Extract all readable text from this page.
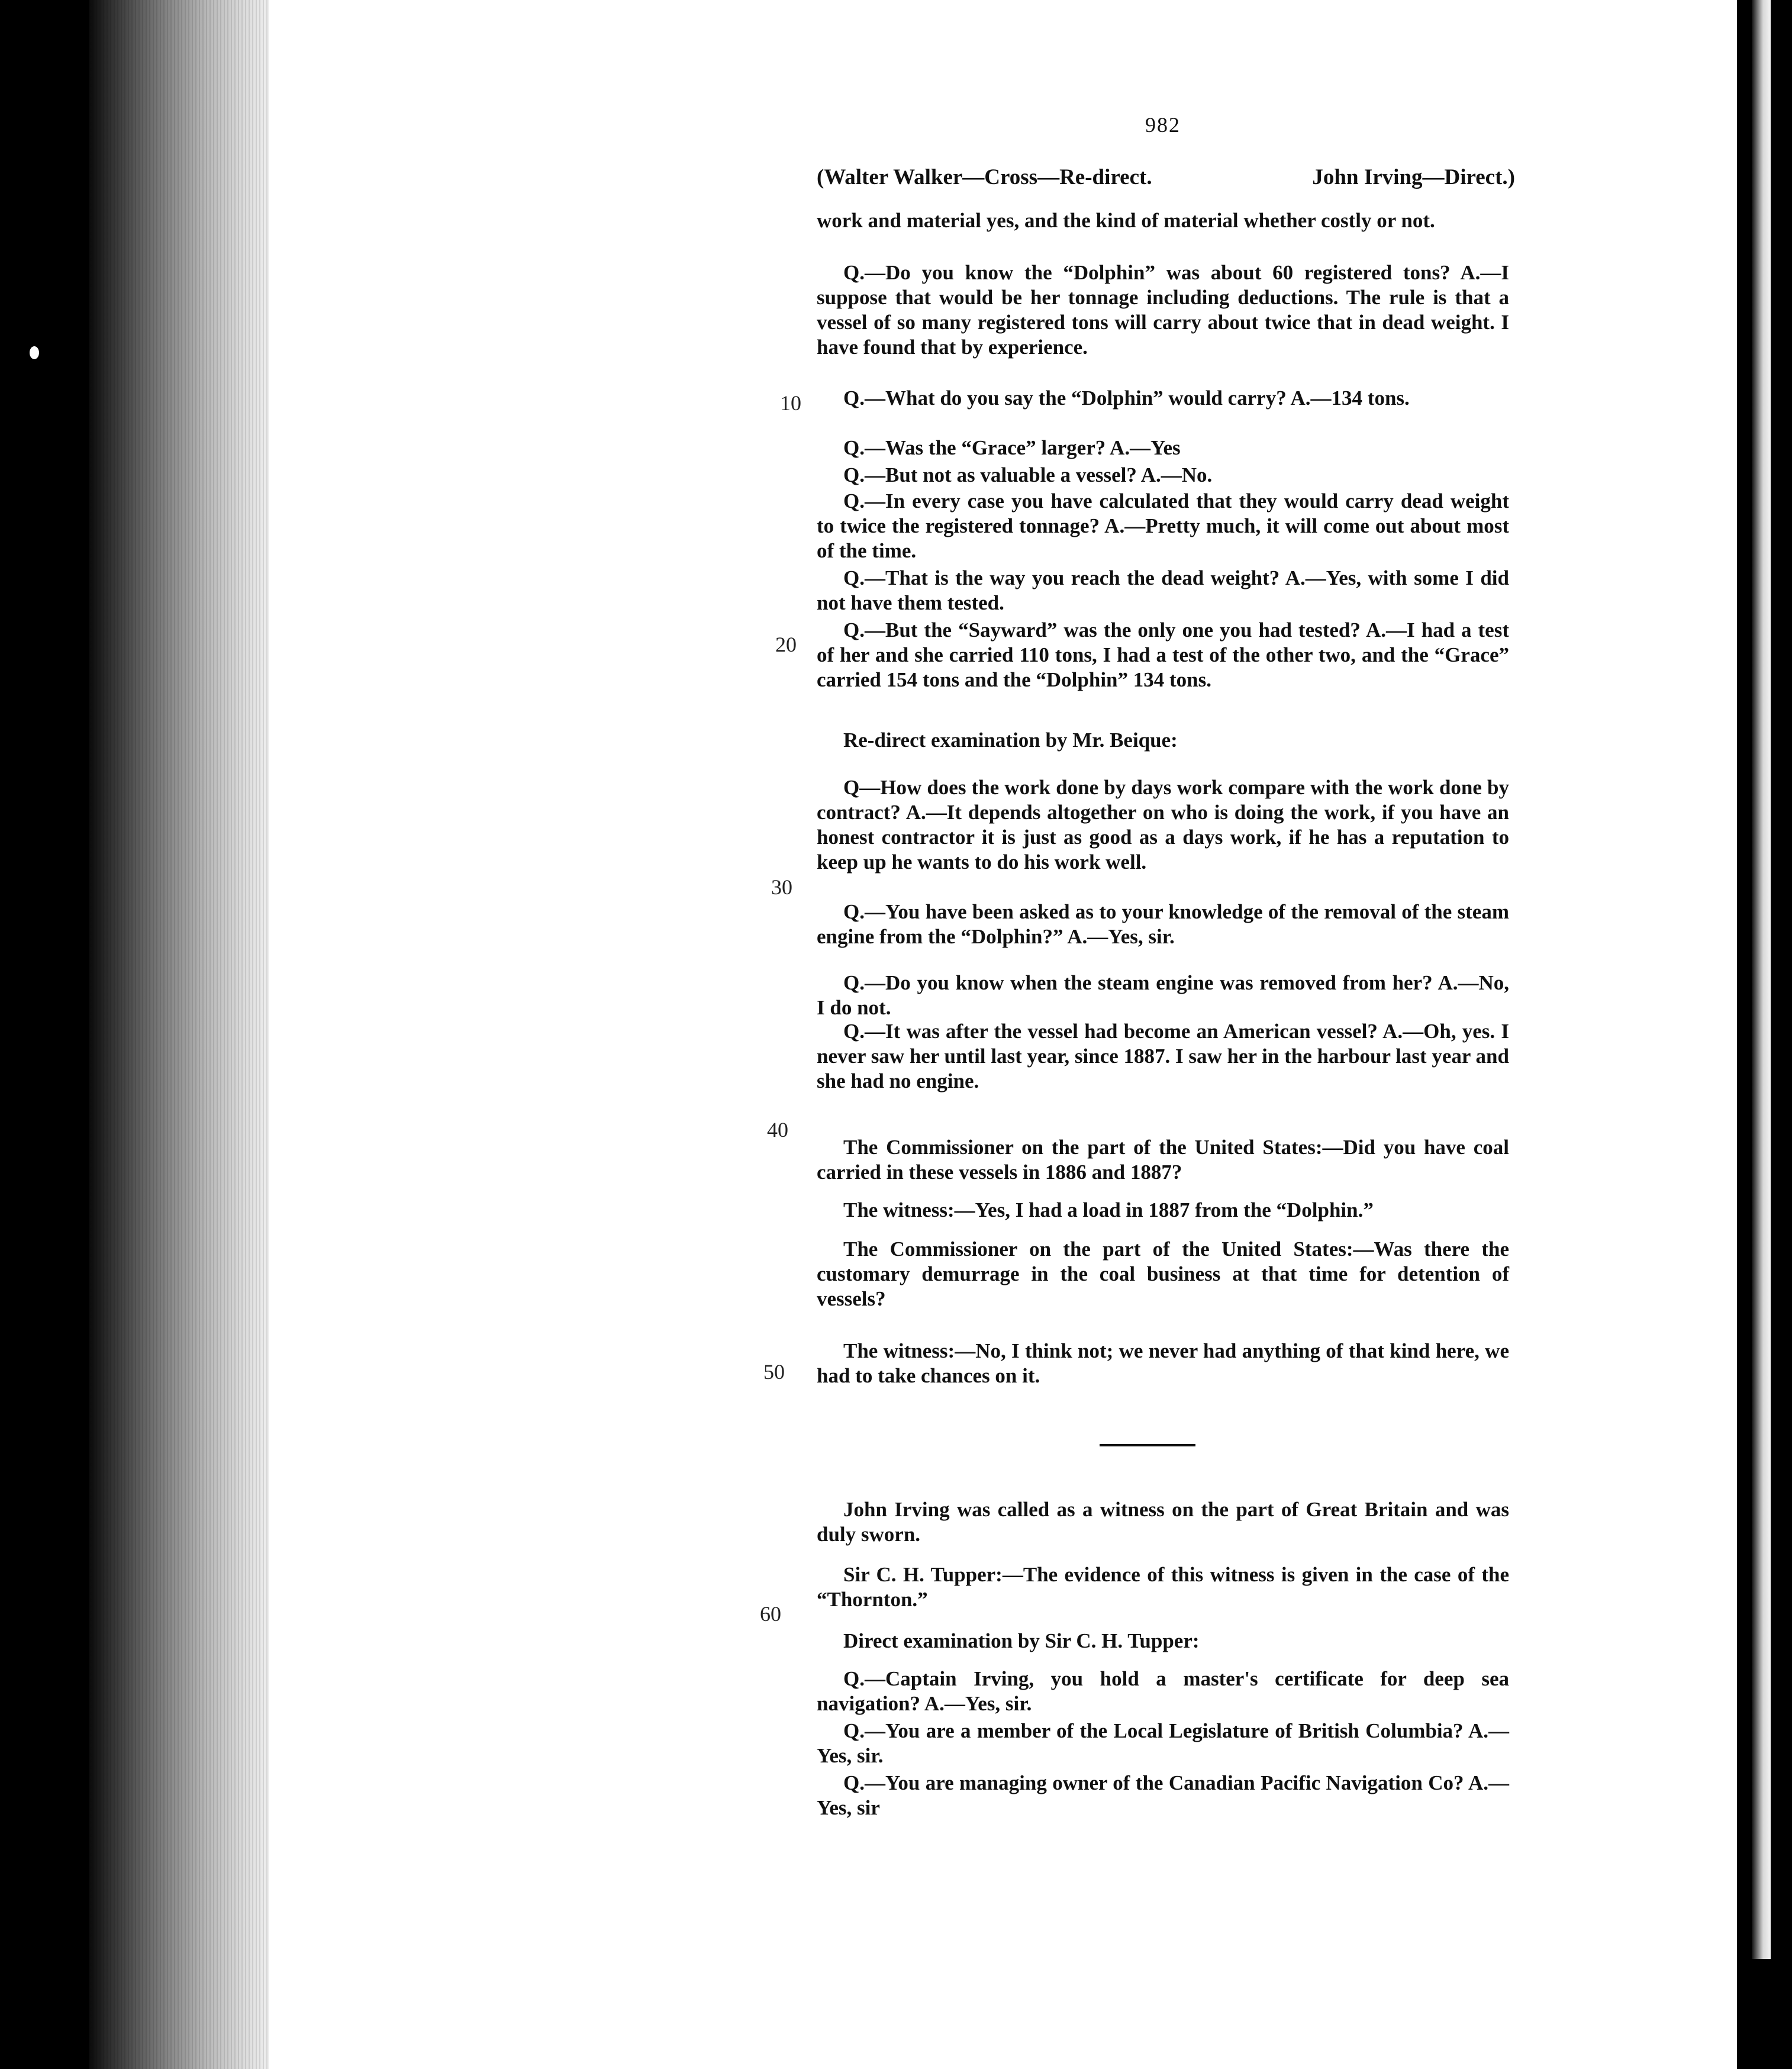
982
(Walter Walker—Cross—Re-direct.	John Irving—Direct.)
10
20
30
40
50
60

work and material yes, and the kind of material whether costly or not.

Q.—Do you know the “Dolphin” was about 60 registered tons? A.—I suppose that would be her tonnage including deductions. The rule is that a vessel of so many registered tons will carry about twice that in dead weight. I have found that by experience.

Q.—What do you say the “Dolphin” would carry? A.—134 tons.

Q.—Was the “Grace” larger? A.—Yes

Q.—But not as valuable a vessel? A.—No.

Q.—In every case you have calculated that they would carry dead weight to twice the registered tonnage? A.—Pretty much, it will come out about most of the time.

Q.—That is the way you reach the dead weight? A.—Yes, with some I did not have them tested.

Q.—But the “Sayward” was the only one you had tested? A.—I had a test of her and she carried 110 tons, I had a test of the other two, and the “Grace” carried 154 tons and the “Dolphin” 134 tons.

Re-direct examination by Mr. Beique:

Q—How does the work done by days work compare with the work done by contract? A.—It depends altogether on who is doing the work, if you have an honest contractor it is just as good as a days work, if he has a reputation to keep up he wants to do his work well.

Q.—You have been asked as to your knowledge of the removal of the steam engine from the “Dolphin?” A.—Yes, sir.

Q.—Do you know when the steam engine was removed from her? A.—No, I do not.

Q.—It was after the vessel had become an American vessel? A.—Oh, yes. I never saw her until last year, since 1887. I saw her in the harbour last year and she had no engine.

The Commissioner on the part of the United States:—Did you have coal carried in these vessels in 1886 and 1887?

The witness:—Yes, I had a load in 1887 from the “Dolphin.”

The Commissioner on the part of the United States:—Was there the customary demurrage in the coal business at that time for detention of vessels?

The witness:—No, I think not; we never had anything of that kind here, we had to take chances on it.

John Irving was called as a witness on the part of Great Britain and was duly sworn.

Sir C. H. Tupper:—The evidence of this witness is given in the case of the “Thornton.”

Direct examination by Sir C. H. Tupper:

Q.—Captain Irving, you hold a master's certificate for deep sea navigation? A.—Yes, sir.

Q.—You are a member of the Local Legislature of British Columbia? A.—Yes, sir.

Q.—You are managing owner of the Canadian Pacific Navigation Co? A.—Yes, sir
